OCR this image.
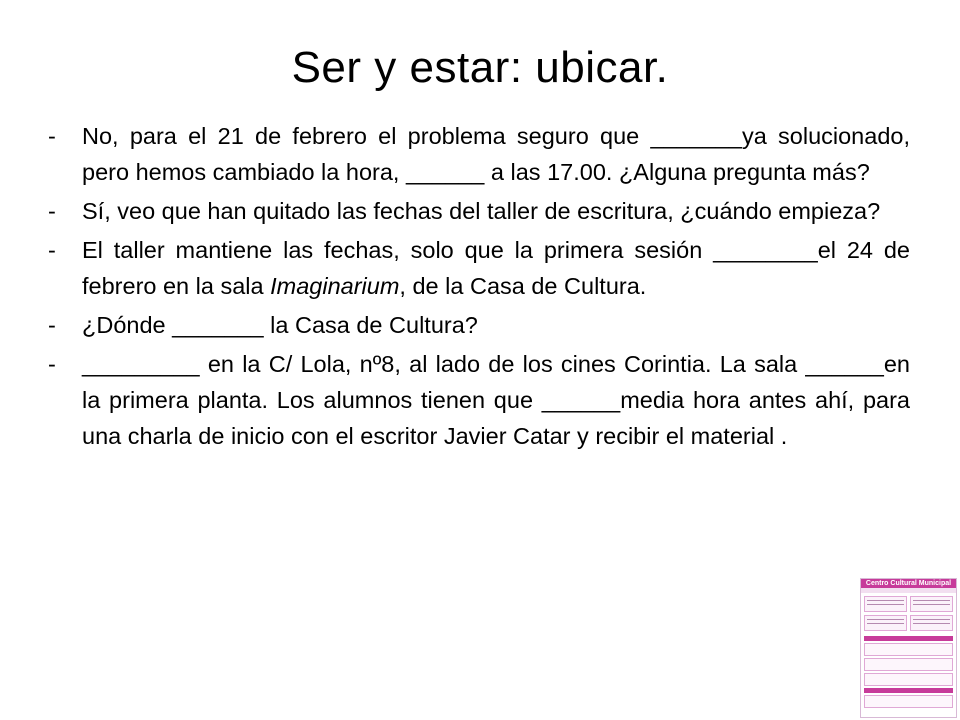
Ser y estar: ubicar.

- No, para el 21 de febrero el problema seguro que _______ya solucionado, pero hemos cambiado la hora, ______ a las 17.00. ¿Alguna pregunta más?

- Sí, veo que han quitado las fechas del taller de escritura, ¿cuándo empieza?

- El taller mantiene las fechas, solo que la primera sesión ________el 24 de febrero en la sala Imaginarium, de la Casa de Cultura.

- ¿Dónde _______ la Casa de Cultura?

- _________ en la C/ Lola, nº8, al lado de los cines Corintia. La sala ______en la primera planta. Los alumnos tienen que ______media hora antes ahí, para una charla de inicio con el escritor Javier Catar y recibir el material .

Centro Cultural Municipal
